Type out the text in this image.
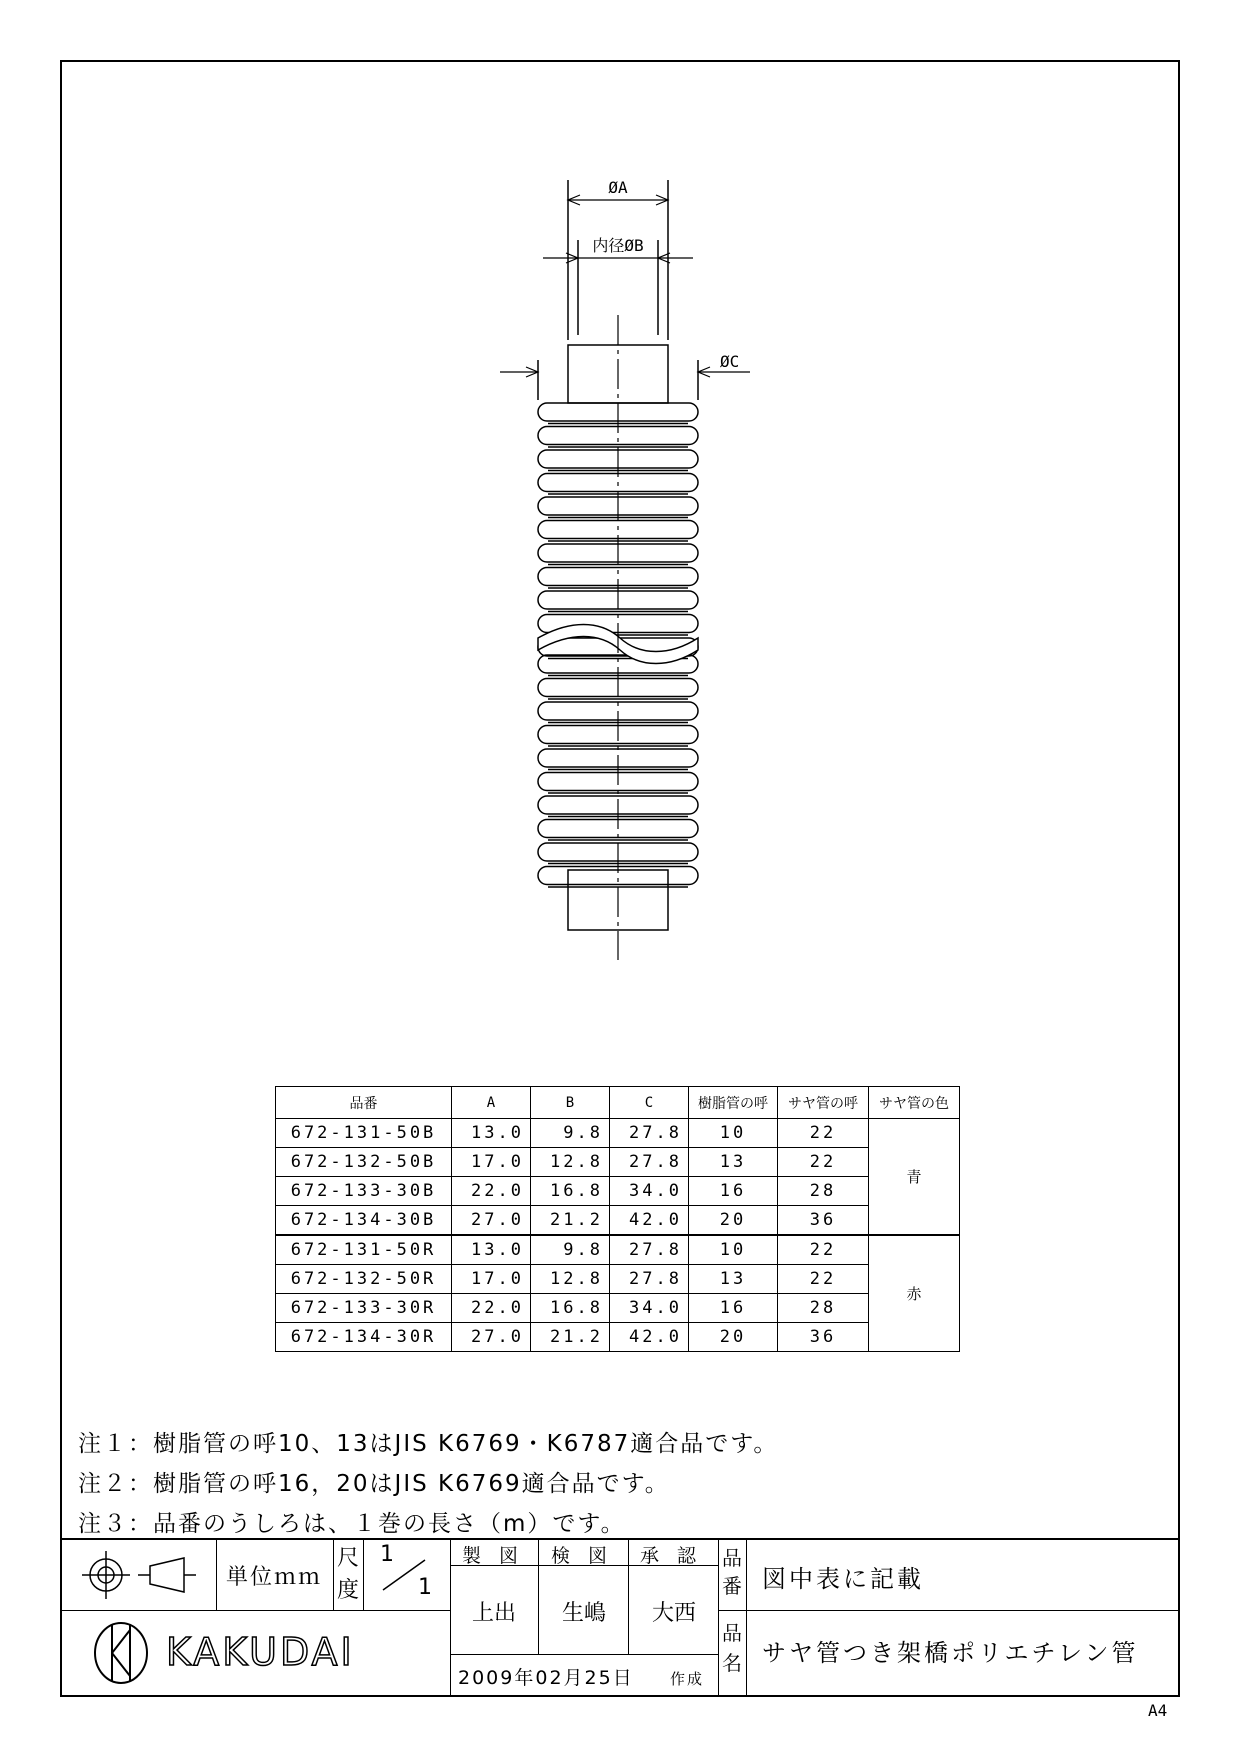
ØA
内径ØB
ØC
品番	A	B	C	樹脂管の呼	サヤ管の呼	サヤ管の色
672-131-50B	13.0	9.8	27.8	10	22	青
672-132-50B	17.0	12.8	27.8	13	22	
672-133-30B	22.0	16.8	34.0	16	28	
672-134-30B	27.0	21.2	42.0	20	36	
672-131-50R	13.0	9.8	27.8	10	22	赤
672-132-50R	17.0	12.8	27.8	13	22	
672-133-30R	22.0	16.8	34.0	16	28	
672-134-30R	27.0	21.2	42.0	20	36	
注１：樹脂管の呼10、13はJIS K6769・K6787適合品です。
注２：樹脂管の呼16，20はJIS K6769適合品です。
注３：品番のうしろは、１巻の長さ（m）です。
単位ｍｍ
尺
度
1
1
製 図 検 図 承 認
上出 生嶋 大西
2009年02月25日 作成
品
番 図中表に記載
品
名 サヤ管つき架橋ポリエチレン管
KAKUDAI
A4
